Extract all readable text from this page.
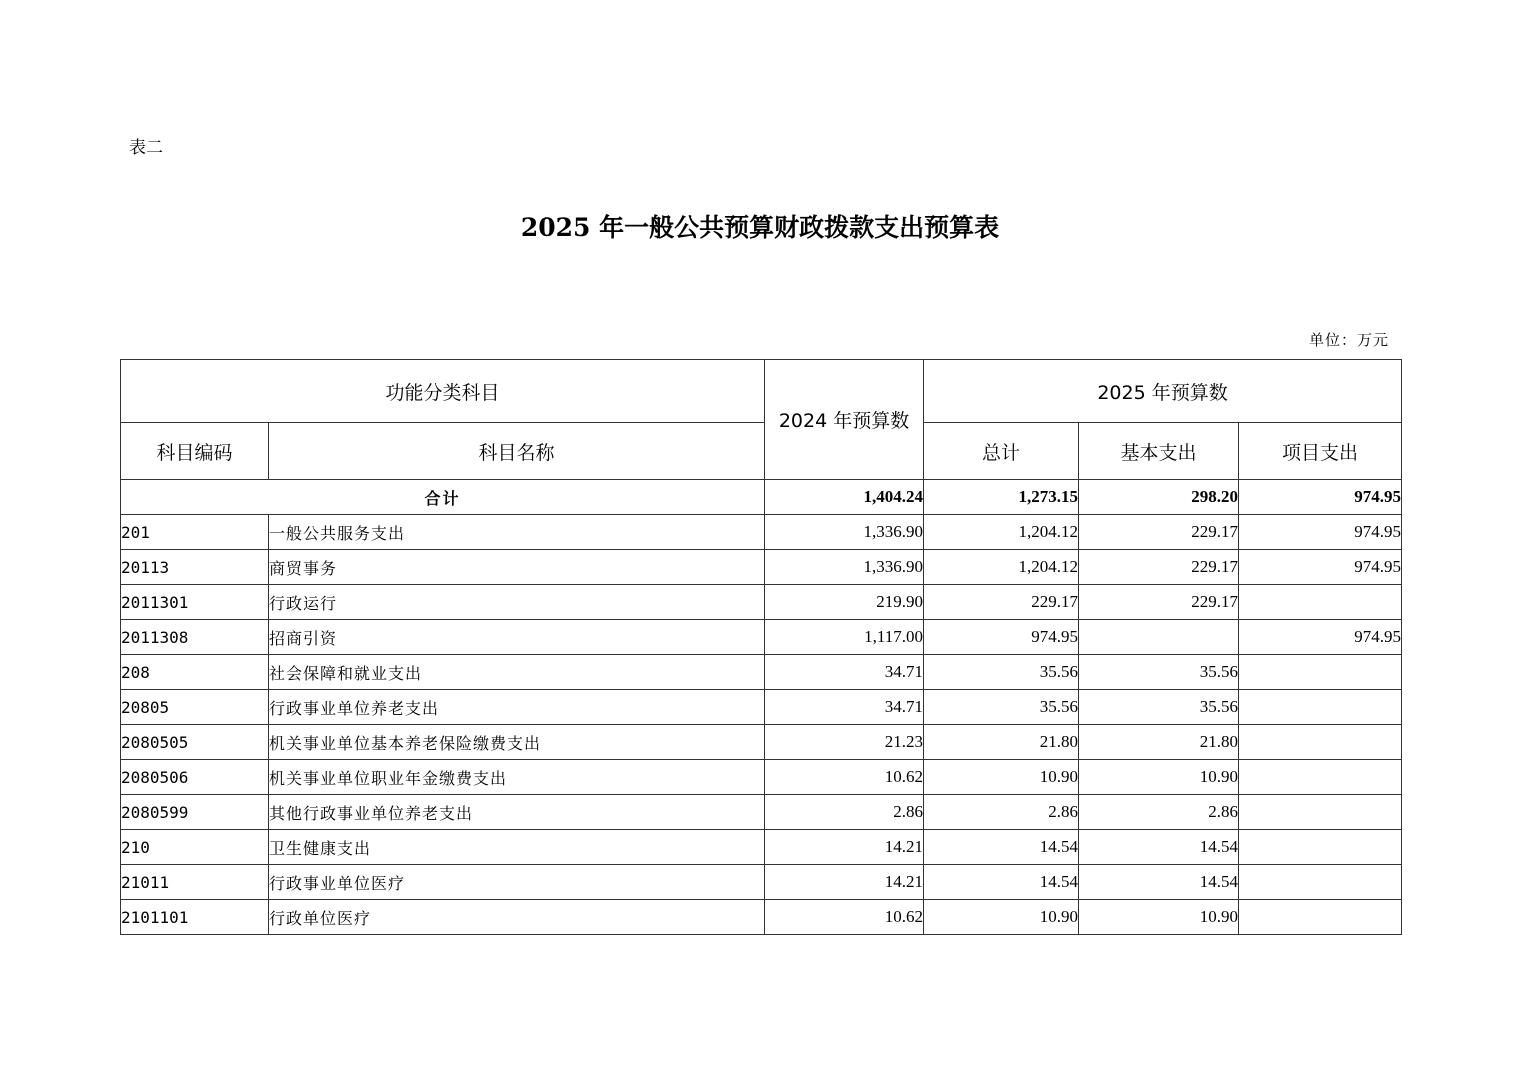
表二
2025 年一般公共预算财政拨款支出预算表
单位：万元
功能分类科目		2024 年预算数	2025 年预算数		
科目编码	科目名称		总计	基本支出	项目支出
合计		1,404.24	1,273.15	298.20	974.95
201	一般公共服务支出	1,336.90	1,204.12	229.17	974.95
20113	商贸事务	1,336.90	1,204.12	229.17	974.95
2011301	行政运行	219.90	229.17	229.17	
2011308	招商引资	1,117.00	974.95		974.95
208	社会保障和就业支出	34.71	35.56	35.56	
20805	行政事业单位养老支出	34.71	35.56	35.56	
2080505	机关事业单位基本养老保险缴费支出	21.23	21.80	21.80	
2080506	机关事业单位职业年金缴费支出	10.62	10.90	10.90	
2080599	其他行政事业单位养老支出	2.86	2.86	2.86	
210	卫生健康支出	14.21	14.54	14.54	
21011	行政事业单位医疗	14.21	14.54	14.54	
2101101	行政单位医疗	10.62	10.90	10.90	
